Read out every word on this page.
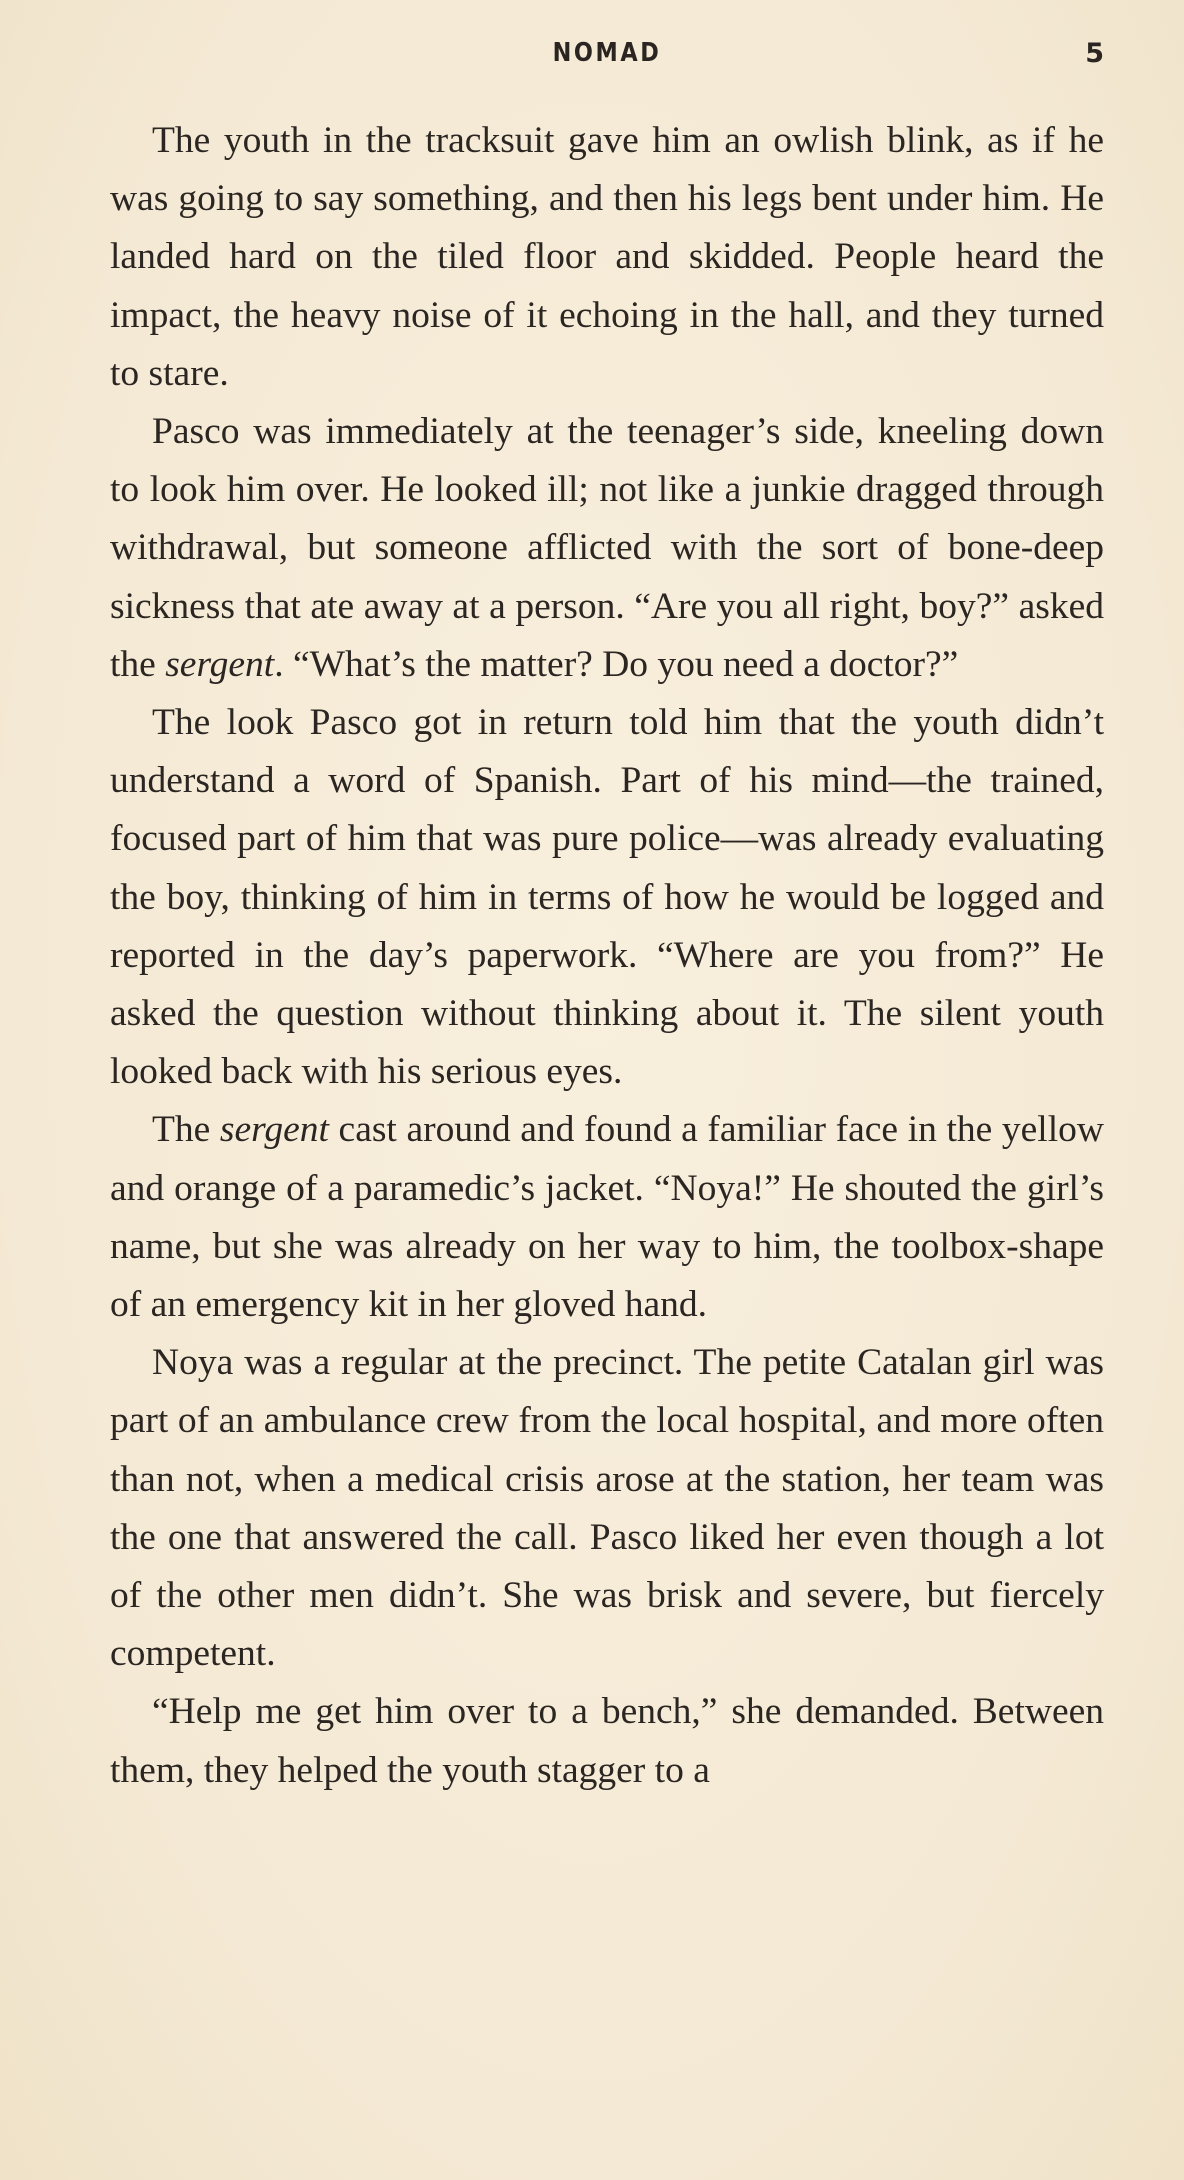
NOMAD	5

The youth in the tracksuit gave him an owlish blink, as if he was going to say something, and then his legs bent under him. He landed hard on the tiled floor and skidded. People heard the impact, the heavy noise of it echoing in the hall, and they turned to stare.

Pasco was immediately at the teenager’s side, kneeling down to look him over. He looked ill; not like a junkie dragged through withdrawal, but someone afflicted with the sort of bone-deep sickness that ate away at a person. “Are you all right, boy?” asked the sergent. “What’s the matter? Do you need a doctor?”

The look Pasco got in return told him that the youth didn’t understand a word of Spanish. Part of his mind—the trained, focused part of him that was pure police—was already evaluating the boy, thinking of him in terms of how he would be logged and reported in the day’s paperwork. “Where are you from?” He asked the question without thinking about it. The silent youth looked back with his serious eyes.

The sergent cast around and found a familiar face in the yellow and orange of a paramedic’s jacket. “Noya!” He shouted the girl’s name, but she was already on her way to him, the toolbox-shape of an emergency kit in her gloved hand.

Noya was a regular at the precinct. The petite Catalan girl was part of an ambulance crew from the local hospital, and more often than not, when a medical crisis arose at the station, her team was the one that answered the call. Pasco liked her even though a lot of the other men didn’t. She was brisk and severe, but fiercely competent.

“Help me get him over to a bench,” she demanded. Between them, they helped the youth stagger to a
